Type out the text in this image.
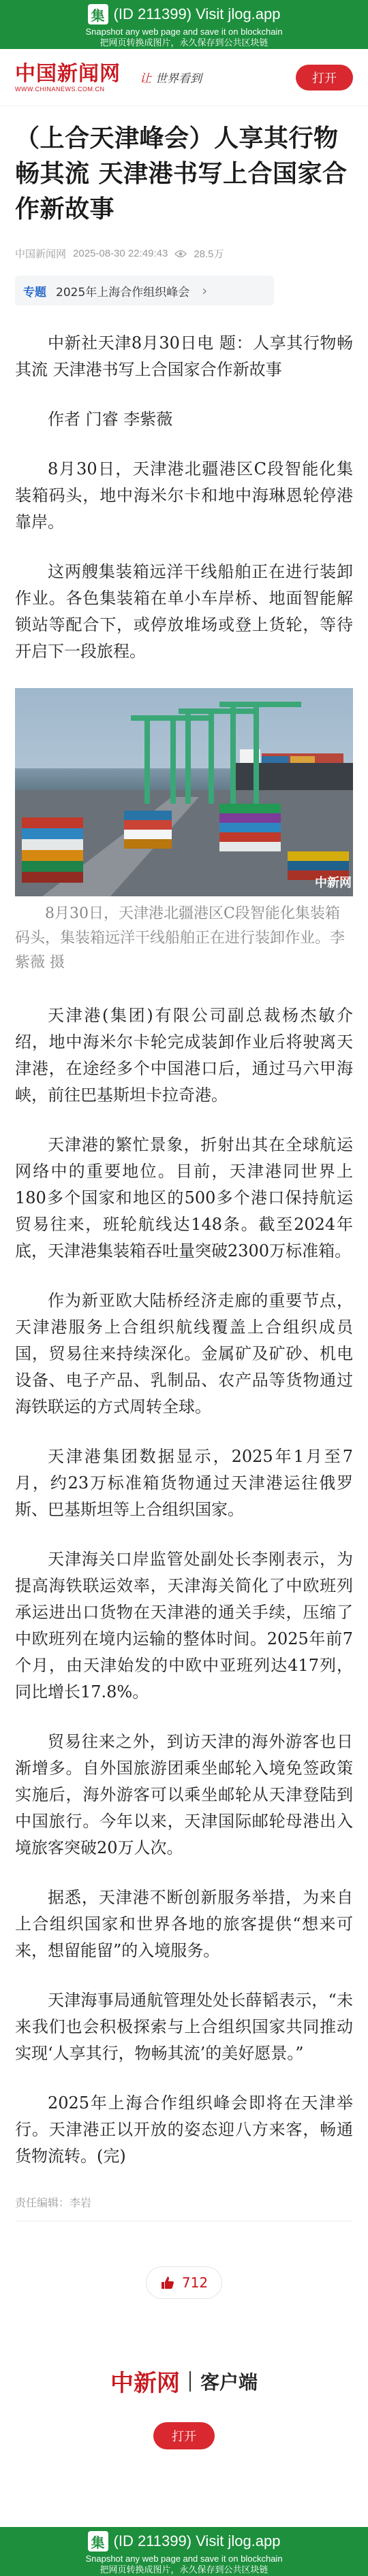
集 (ID 211399) Visit jlog.app
Snapshot any web page and save it on blockchain
把网页转换成图片，永久保存到公共区块链
中国新闻网
WWW.CHINANEWS.COM.CN
让 世界看到	打开
（上合天津峰会）人享其行物畅其流 天津港书写上合国家合作新故事
中国新闻网 2025-08-30 22:49:43	28.5万
专题 2025年上海合作组织峰会 ›

中新社天津8月30日电 题：人享其行物畅其流 天津港书写上合国家合作新故事

作者 门睿 李紫薇

8月30日，天津港北疆港区C段智能化集装箱码头，地中海米尔卡和地中海琳恩轮停港靠岸。

这两艘集装箱远洋干线船舶正在进行装卸作业。各色集装箱在单小车岸桥、地面智能解锁站等配合下，或停放堆场或登上货轮，等待开启下一段旅程。

中新网

8月30日，天津港北疆港区C段智能化集装箱码头，集装箱远洋干线船舶正在进行装卸作业。李紫薇 摄

天津港(集团)有限公司副总裁杨杰敏介绍，地中海米尔卡轮完成装卸作业后将驶离天津港，在途经多个中国港口后，通过马六甲海峡，前往巴基斯坦卡拉奇港。

天津港的繁忙景象，折射出其在全球航运网络中的重要地位。目前，天津港同世界上180多个国家和地区的500多个港口保持航运贸易往来，班轮航线达148条。截至2024年底，天津港集装箱吞吐量突破2300万标准箱。

作为新亚欧大陆桥经济走廊的重要节点，天津港服务上合组织航线覆盖上合组织成员国，贸易往来持续深化。金属矿及矿砂、机电设备、电子产品、乳制品、农产品等货物通过海铁联运的方式周转全球。

天津港集团数据显示，2025年1月至7月，约23万标准箱货物通过天津港运往俄罗斯、巴基斯坦等上合组织国家。

天津海关口岸监管处副处长李刚表示，为提高海铁联运效率，天津海关简化了中欧班列承运进出口货物在天津港的通关手续，压缩了中欧班列在境内运输的整体时间。2025年前7个月，由天津始发的中欧中亚班列达417列，同比增长17.8%。

贸易往来之外，到访天津的海外游客也日渐增多。自外国旅游团乘坐邮轮入境免签政策实施后，海外游客可以乘坐邮轮从天津登陆到中国旅行。今年以来，天津国际邮轮母港出入境旅客突破20万人次。

据悉，天津港不断创新服务举措，为来自上合组织国家和世界各地的旅客提供“想来可来，想留能留”的入境服务。

天津海事局通航管理处处长薛韬表示，“未来我们也会积极探索与上合组织国家共同推动实现‘人享其行，物畅其流’的美好愿景。”

2025年上海合作组织峰会即将在天津举行。天津港正以开放的姿态迎八方来客，畅通货物流转。(完)

责任编辑：李岩
712
中新网 客户端
打开
集 (ID 211399) Visit jlog.app
Snapshot any web page and save it on blockchain
把网页转换成图片，永久保存到公共区块链
